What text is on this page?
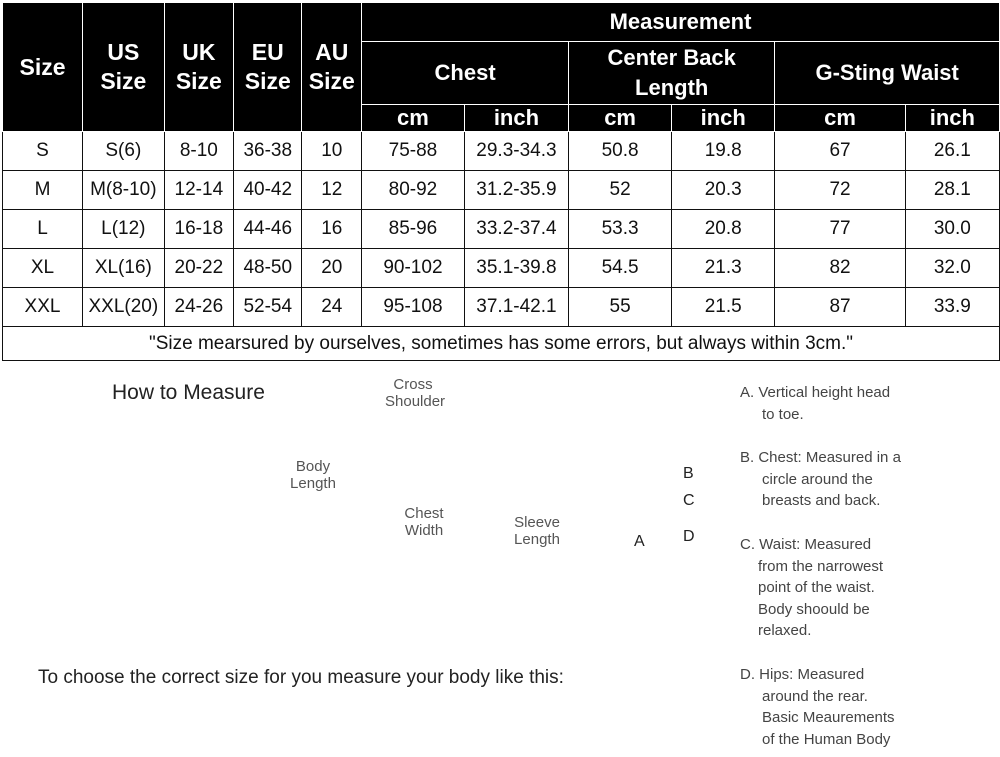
Size	US Size	UK Size	EU Size	AU Size	Measurement					
					Chest		Center Back Length		G-Sting Waist	
					cm	inch	cm	inch	cm	inch
S	S(6)	8-10	36-38	10	75-88	29.3-34.3	50.8	19.8	67	26.1
M	M(8-10)	12-14	40-42	12	80-92	31.2-35.9	52	20.3	72	28.1
L	L(12)	16-18	44-46	16	85-96	33.2-37.4	53.3	20.8	77	30.0
XL	XL(16)	20-22	48-50	20	90-102	35.1-39.8	54.5	21.3	82	32.0
XXL	XXL(20)	24-26	52-54	24	95-108	37.1-42.1	55	21.5	87	33.9
"Size mearsured by ourselves, sometimes has some errors, but always within 3cm."										
How to Measure
To choose the correct size for you measure your body like this:
Cross
Shoulder
Body
Length
Chest
Width	Sleeve
Length	A
B
C
D
A. Vertical height head
to toe.
B. Chest: Measured in a
circle around the
breasts and back.
C. Waist: Measured
from the narrowest
point of the waist.
Body shoould be
relaxed.
D. Hips: Measured
around the rear.
Basic Meaurements
of the Human Body
